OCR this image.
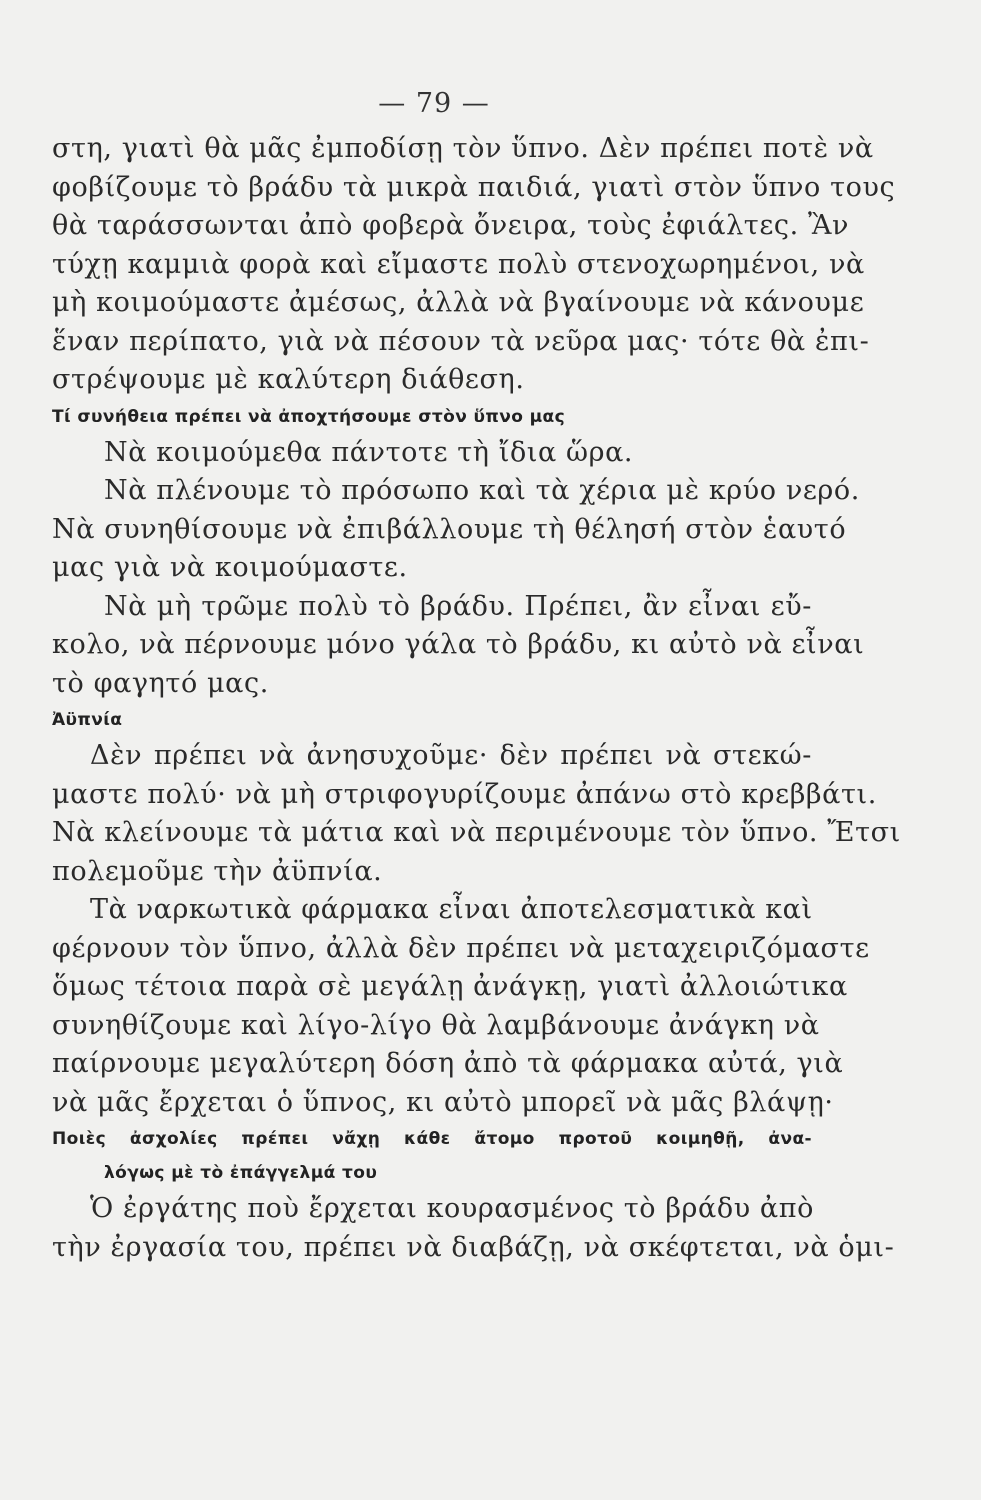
— 79 —
στη, γιατὶ θὰ μᾶς ἐμποδίσῃ τὸν ὕπνο. Δὲν πρέπει ποτὲ νὰ
φοβίζουμε τὸ βράδυ τὰ μικρὰ παιδιά, γιατὶ στὸν ὕπνο τους
θὰ ταράσσωνται ἀπὸ φοβερὰ ὄνειρα, τοὺς ἐφιάλτες. Ἂν
τύχῃ καμμιὰ φορὰ καὶ εἴμαστε πολὺ στενοχωρημένοι, νὰ
μὴ κοιμούμαστε ἀμέσως, ἀλλὰ νὰ βγαίνουμε νὰ κάνουμε
ἕναν περίπατο, γιὰ νὰ πέσουν τὰ νεῦρα μας· τότε θὰ ἐπι-
στρέψουμε μὲ καλύτερη διάθεση.
Τί συνήθεια πρέπει νὰ ἀποχτήσουμε στὸν ὕπνο μας
Νὰ κοιμούμεθα πάντοτε τὴ ἴδια ὥρα.
Νὰ πλένουμε τὸ πρόσωπο καὶ τὰ χέρια μὲ κρύο νερό.
Νὰ συνηθίσουμε νὰ ἐπιβάλλουμε τὴ θέλησή στὸν ἑαυτό
μας γιὰ νὰ κοιμούμαστε.
Νὰ μὴ τρῶμε πολὺ τὸ βράδυ. Πρέπει, ἂν εἶναι εὔ-
κολο, νὰ πέρνουμε μόνο γάλα τὸ βράδυ, κι αὐτὸ νὰ εἶναι
τὸ φαγητό μας.
Ἀϋπνία
Δὲν πρέπει νὰ ἀνησυχοῦμε· δὲν πρέπει νὰ στεκώ-
μαστε πολύ· νὰ μὴ στριφογυρίζουμε ἀπάνω στὸ κρεββάτι.
Νὰ κλείνουμε τὰ μάτια καὶ νὰ περιμένουμε τὸν ὕπνο. Ἔτσι
πολεμοῦμε τὴν ἀϋπνία.
Τὰ ναρκωτικὰ φάρμακα εἶναι ἀποτελεσματικὰ καὶ
φέρνουν τὸν ὕπνο, ἀλλὰ δὲν πρέπει νὰ μεταχειριζόμαστε
ὅμως τέτοια παρὰ σὲ μεγάλῃ ἀνάγκῃ, γιατὶ ἀλλοιώτικα
συνηθίζουμε καὶ λίγο-λίγο θὰ λαμβάνουμε ἀνάγκη νὰ
παίρνουμε μεγαλύτερη δόση ἀπὸ τὰ φάρμακα αὐτά, γιὰ
νὰ μᾶς ἔρχεται ὁ ὕπνος, κι αὐτὸ μπορεῖ νὰ μᾶς βλάψῃ·
Ποιὲς ἀσχολίες πρέπει νἄχῃ κάθε ἄτομο προτοῦ κοιμηθῇ, ἀνα-
λόγως μὲ τὸ ἐπάγγελμά του
Ὁ ἐργάτης ποὺ ἔρχεται κουρασμένος τὸ βράδυ ἀπὸ
τὴν ἐργασία του, πρέπει νὰ διαβάζῃ, νὰ σκέφτεται, νὰ ὁμι-
